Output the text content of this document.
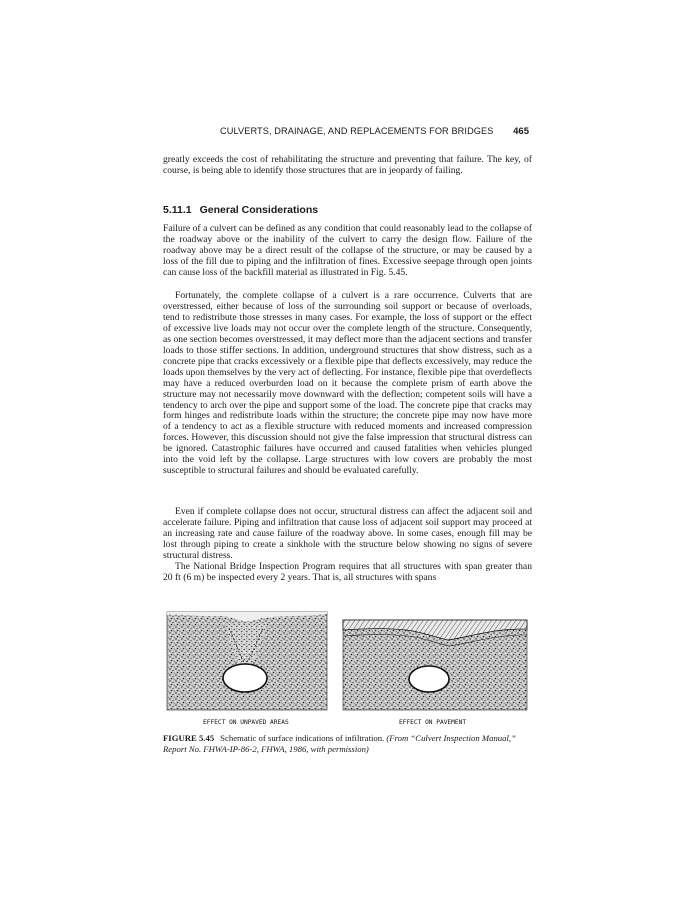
CULVERTS, DRAINAGE, AND REPLACEMENTS FOR BRIDGES 465
greatly exceeds the cost of rehabilitating the structure and preventing that failure. The key, of course, is being able to identify those structures that are in jeopardy of failing.
5.11.1 General Considerations
Failure of a culvert can be defined as any condition that could reasonably lead to the collapse of the roadway above or the inability of the culvert to carry the design flow. Failure of the roadway above may be a direct result of the collapse of the structure, or may be caused by a loss of the fill due to piping and the infiltration of fines. Excessive seepage through open joints can cause loss of the backfill material as illustrated in Fig. 5.45.
Fortunately, the complete collapse of a culvert is a rare occurrence. Culverts that are overstressed, either because of loss of the surrounding soil support or because of overloads, tend to redistribute those stresses in many cases. For example, the loss of support or the effect of excessive live loads may not occur over the complete length of the structure. Consequently, as one section becomes overstressed, it may deflect more than the adjacent sections and transfer loads to those stiffer sections. In addition, underground structures that show distress, such as a concrete pipe that cracks excessively or a flexible pipe that deflects excessively, may reduce the loads upon themselves by the very act of deflecting. For instance, flexible pipe that overdeflects may have a reduced overburden load on it because the complete prism of earth above the structure may not necessarily move downward with the deflection; competent soils will have a tendency to arch over the pipe and support some of the load. The concrete pipe that cracks may form hinges and redistribute loads within the structure; the concrete pipe may now have more of a tendency to act as a flexible structure with reduced moments and increased compression forces. However, this discussion should not give the false impression that structural distress can be ignored. Catastrophic failures have occurred and caused fatalities when vehicles plunged into the void left by the collapse. Large structures with low covers are probably the most susceptible to structural failures and should be evaluated carefully.
Even if complete collapse does not occur, structural distress can affect the adjacent soil and accelerate failure. Piping and infiltration that cause loss of adjacent soil support may proceed at an increasing rate and cause failure of the roadway above. In some cases, enough fill may be lost through piping to create a sinkhole with the structure below showing no signs of severe structural distress.
The National Bridge Inspection Program requires that all structures with span greater than 20 ft (6 m) be inspected every 2 years. That is, all structures with spans
EFFECT ON UNPAVED AREAS	EFFECT ON PAVEMENT
FIGURE 5.45 Schematic of surface indications of infiltration. (From “Culvert Inspection Manual,” Report No. FHWA-IP-86-2, FHWA, 1986, with permission)
